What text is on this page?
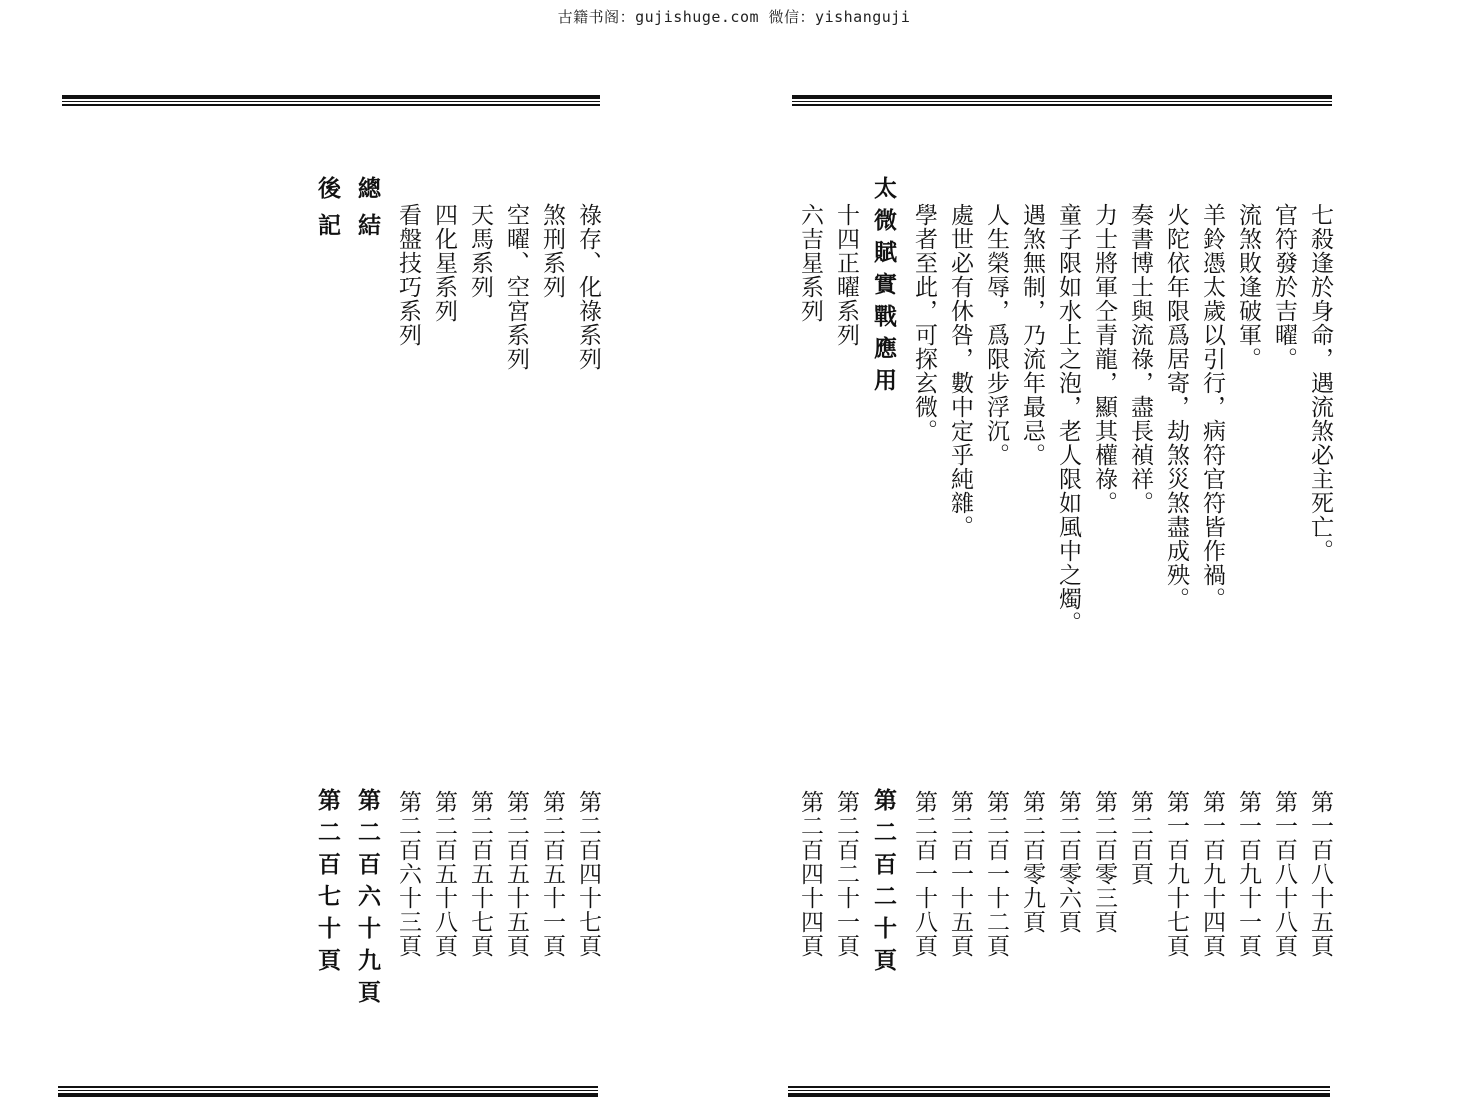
古籍书阁：gujishuge.com 微信：yishanguji
七殺逢於身命，遇流煞必主死亡。
官符發於吉曜。
流煞敗逢破軍。
羊鈴憑太歲以引行，病符官符皆作禍。
火陀依年限爲居寄，劫煞災煞盡成殃。
奏書博士與流祿，盡長禎祥。
力士將軍仝青龍，顯其權祿。
童子限如水上之泡，老人限如風中之燭。
遇煞無制，乃流年最忌。
人生榮辱，爲限步浮沉。
處世必有休咎，數中定乎純雜。
學者至此，可探玄微。
太微賦實戰應用
十四正曜系列
六吉星系列
第一百八十五頁
第一百八十八頁
第一百九十一頁
第一百九十四頁
第一百九十七頁
第二百頁
第二百零三頁
第二百零六頁
第二百零九頁
第二百一十二頁
第二百一十五頁
第二百一十八頁
第二百二十頁
第二百二十一頁
第二百四十四頁
祿存、化祿系列
煞刑系列
空曜、空宮系列
天馬系列
四化星系列
看盤技巧系列
總結
後記
第二百四十七頁
第二百五十一頁
第二百五十五頁
第二百五十七頁
第二百五十八頁
第二百六十三頁
第二百六十九頁
第二百七十頁
